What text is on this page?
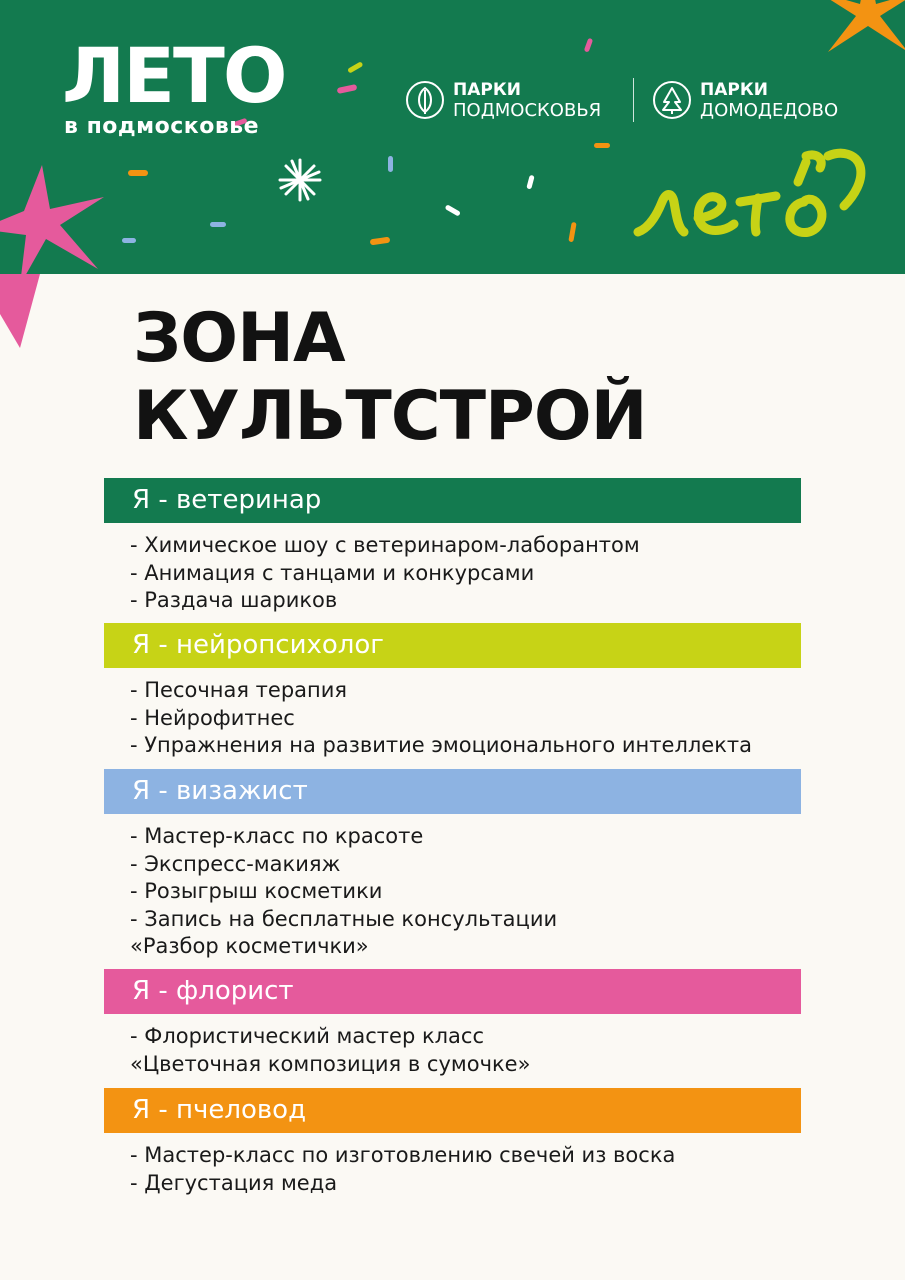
ЛЕТО
в подмосковье
ПАРКИ
ПОДМОСКОВЬЯ
ПАРКИ
ДОМОДЕДОВО
ЗОНА
КУЛЬТСТРОЙ
Я - ветеринар
- Химическое шоу с ветеринаром-лаборантом
- Анимация с танцами и конкурсами
- Раздача шариков
Я - нейропсихолог
- Песочная терапия
- Нейрофитнес
- Упражнения на развитие эмоционального интеллекта
Я - визажист
- Мастер-класс по красоте
- Экспресс-макияж
- Розыгрыш косметики
- Запись на бесплатные консультации
«Разбор косметички»
Я - флорист
- Флористический мастер класс
«Цветочная композиция в сумочке»
Я - пчеловод
- Мастер-класс по изготовлению свечей из воска
- Дегустация меда
